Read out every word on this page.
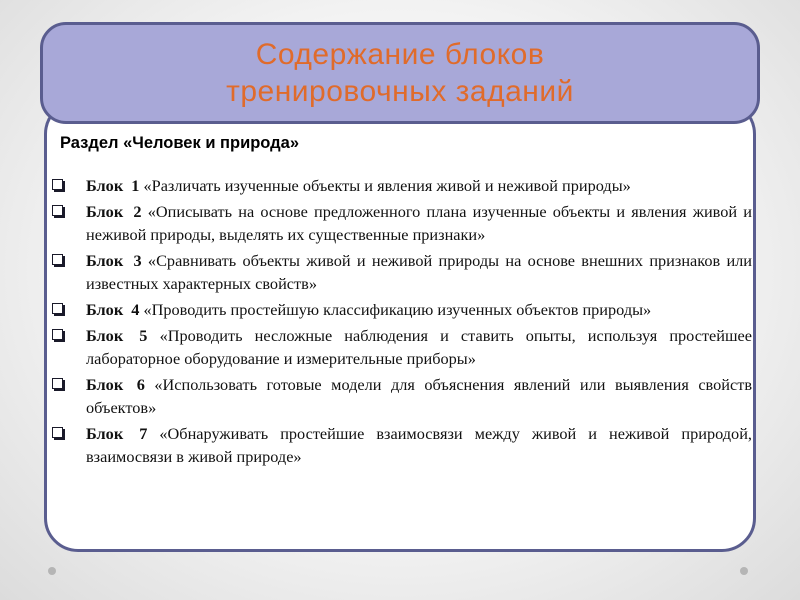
Содержание блоков
тренировочных заданий
Раздел «Человек и природа»
Блок 1 «Различать изученные объекты и явления живой и неживой природы»
Блок 2 «Описывать на основе предложенного плана изученные объекты и явления живой и неживой природы, выделять их существенные признаки»
Блок 3 «Сравнивать объекты живой и неживой природы на основе внешних признаков или известных характерных свойств»
Блок 4 «Проводить простейшую классификацию изученных объектов природы»
Блок 5 «Проводить несложные наблюдения и ставить опыты, используя простейшее лабораторное оборудование и измерительные приборы»
Блок 6 «Использовать готовые модели для объяснения явлений или выявления свойств объектов»
Блок 7 «Обнаруживать простейшие взаимосвязи между живой и неживой природой, взаимосвязи в живой природе»
